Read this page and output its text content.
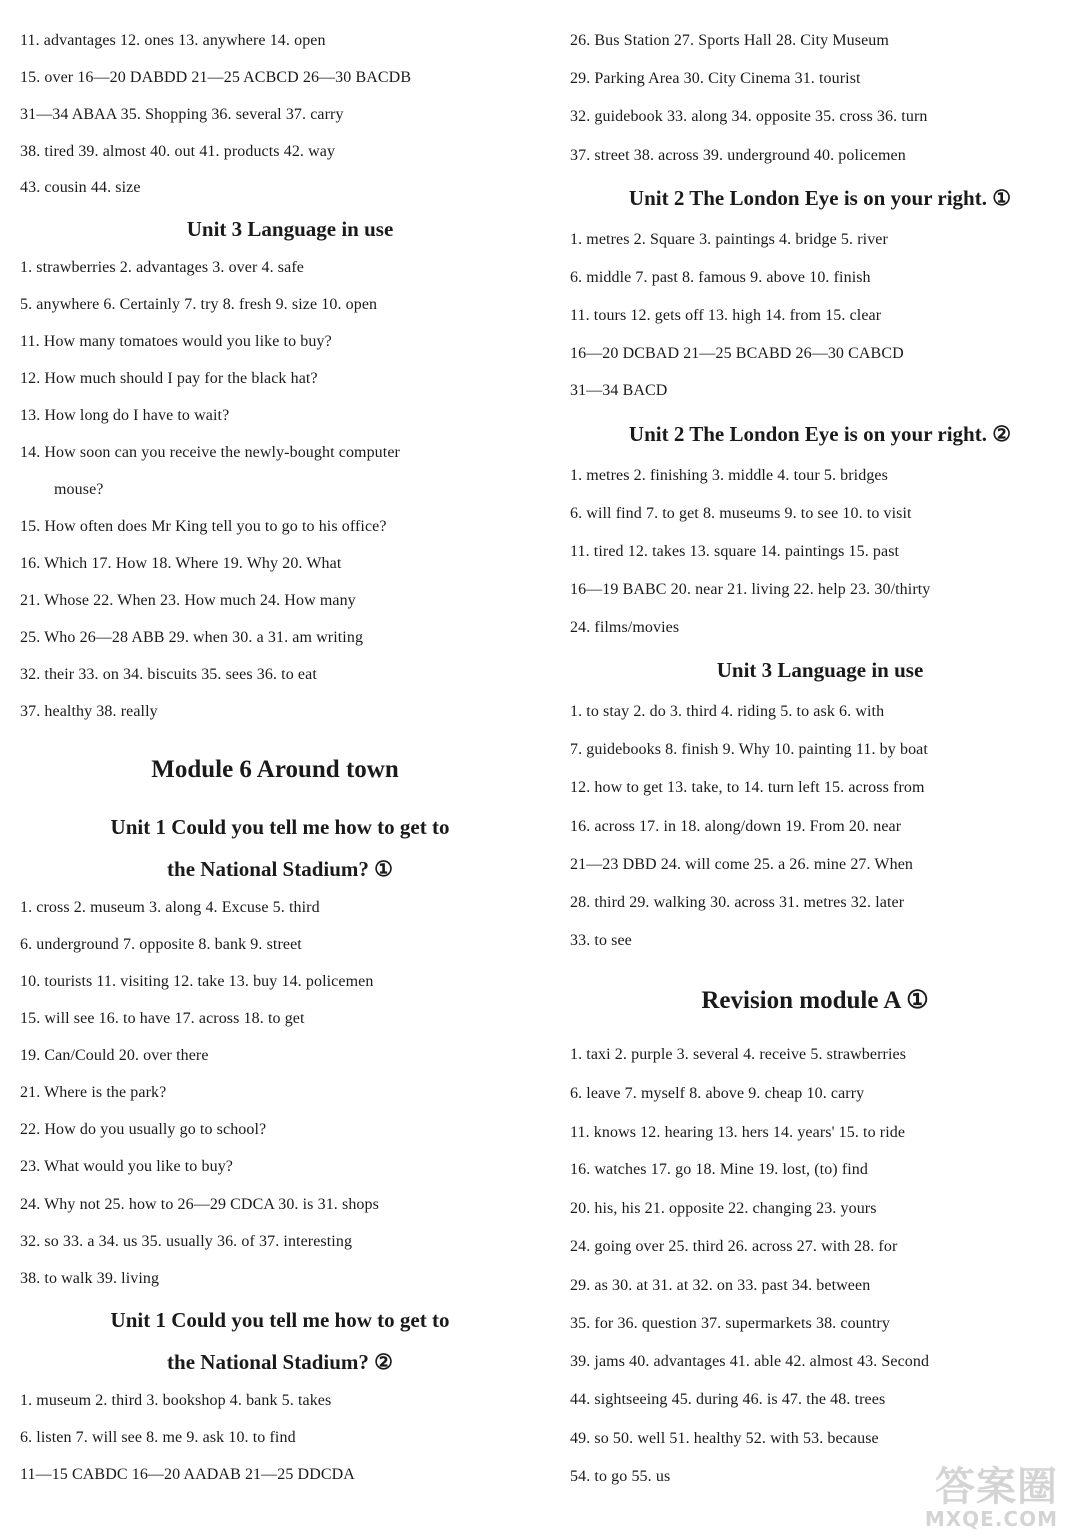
11. advantages 12. ones 13. anywhere 14. open
15. over 16—20 DABDD 21—25 ACBCD 26—30 BACDB
31—34 ABAA 35. Shopping 36. several 37. carry
38. tired 39. almost 40. out 41. products 42. way
43. cousin 44. size
Unit 3 Language in use
1. strawberries 2. advantages 3. over 4. safe
5. anywhere 6. Certainly 7. try 8. fresh 9. size 10. open
11. How many tomatoes would you like to buy?
12. How much should I pay for the black hat?
13. How long do I have to wait?
14. How soon can you receive the newly-bought computer
mouse?
15. How often does Mr King tell you to go to his office?
16. Which 17. How 18. Where 19. Why 20. What
21. Whose 22. When 23. How much 24. How many
25. Who 26—28 ABB 29. when 30. a 31. am writing
32. their 33. on 34. biscuits 35. sees 36. to eat
37. healthy 38. really
Module 6 Around town
Unit 1 Could you tell me how to get to
the National Stadium? ①
1. cross 2. museum 3. along 4. Excuse 5. third
6. underground 7. opposite 8. bank 9. street
10. tourists 11. visiting 12. take 13. buy 14. policemen
15. will see 16. to have 17. across 18. to get
19. Can/Could 20. over there
21. Where is the park?
22. How do you usually go to school?
23. What would you like to buy?
24. Why not 25. how to 26—29 CDCA 30. is 31. shops
32. so 33. a 34. us 35. usually 36. of 37. interesting
38. to walk 39. living
Unit 1 Could you tell me how to get to
the National Stadium? ②
1. museum 2. third 3. bookshop 4. bank 5. takes
6. listen 7. will see 8. me 9. ask 10. to find
11—15 CABDC 16—20 AADAB 21—25 DDCDA
26. Bus Station 27. Sports Hall 28. City Museum
29. Parking Area 30. City Cinema 31. tourist
32. guidebook 33. along 34. opposite 35. cross 36. turn
37. street 38. across 39. underground 40. policemen
Unit 2 The London Eye is on your right. ①
1. metres 2. Square 3. paintings 4. bridge 5. river
6. middle 7. past 8. famous 9. above 10. finish
11. tours 12. gets off 13. high 14. from 15. clear
16—20 DCBAD 21—25 BCABD 26—30 CABCD
31—34 BACD
Unit 2 The London Eye is on your right. ②
1. metres 2. finishing 3. middle 4. tour 5. bridges
6. will find 7. to get 8. museums 9. to see 10. to visit
11. tired 12. takes 13. square 14. paintings 15. past
16—19 BABC 20. near 21. living 22. help 23. 30/thirty
24. films/movies
Unit 3 Language in use
1. to stay 2. do 3. third 4. riding 5. to ask 6. with
7. guidebooks 8. finish 9. Why 10. painting 11. by boat
12. how to get 13. take, to 14. turn left 15. across from
16. across 17. in 18. along/down 19. From 20. near
21—23 DBD 24. will come 25. a 26. mine 27. When
28. third 29. walking 30. across 31. metres 32. later
33. to see
Revision module A ①
1. taxi 2. purple 3. several 4. receive 5. strawberries
6. leave 7. myself 8. above 9. cheap 10. carry
11. knows 12. hearing 13. hers 14. years' 15. to ride
16. watches 17. go 18. Mine 19. lost, (to) find
20. his, his 21. opposite 22. changing 23. yours
24. going over 25. third 26. across 27. with 28. for
29. as 30. at 31. at 32. on 33. past 34. between
35. for 36. question 37. supermarkets 38. country
39. jams 40. advantages 41. able 42. almost 43. Second
44. sightseeing 45. during 46. is 47. the 48. trees
49. so 50. well 51. healthy 52. with 53. because
54. to go 55. us	答案圈
MXQE.COM
